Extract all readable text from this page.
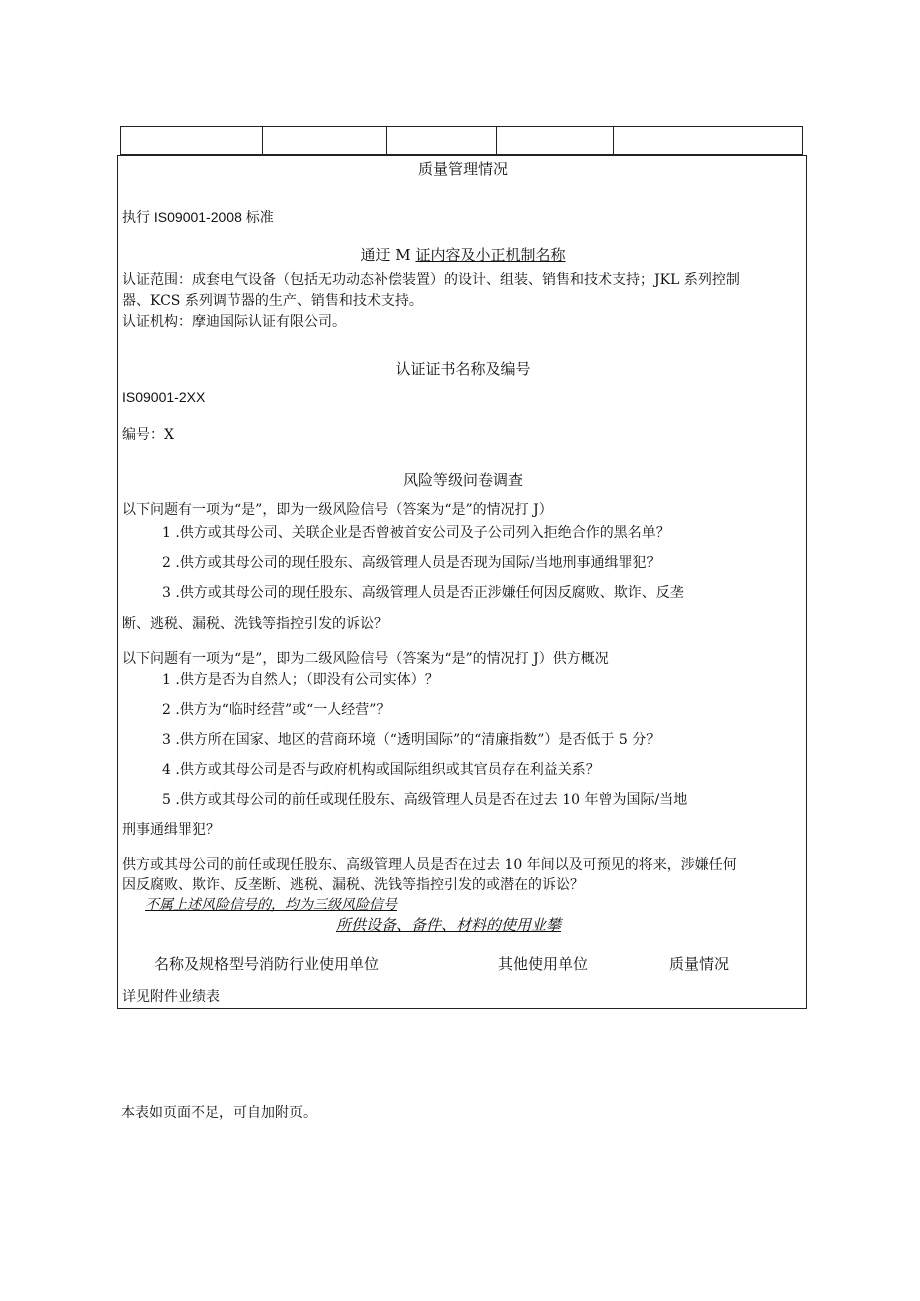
质量管理情况
执行 IS09001-2008 标准
通迂 M 证内容及小正机制名称
认证范围：成套电气设备（包括无功动态补偿装置）的设计、组装、销售和技术支持；JKL 系列控制
器、KCS 系列调节器的生产、销售和技术支持。
认证机构：摩迪国际认证有限公司。
认证证书名称及编号
IS09001-2XX
编号：X
风险等级问卷调查
以下问题有一项为“是”，即为一级风险信号（答案为“是”的情况打 J）
1 .供方或其母公司、关联企业是否曾被首安公司及子公司列入拒绝合作的黑名单？
2 .供方或其母公司的现任股东、高级管理人员是否现为国际/当地刑事通缉罪犯？
3 .供方或其母公司的现任股东、高级管理人员是否正涉嫌任何因反腐败、欺诈、反垄
断、逃税、漏税、洗钱等指控引发的诉讼？
以下问题有一项为“是”，即为二级风险信号（答案为“是”的情况打 J）供方概况
1 .供方是否为自然人；（即没有公司实体）？
2 .供方为“临时经营”或“一人经营”？
3 .供方所在国家、地区的营商环境（“透明国际”的“清廉指数”）是否低于 5 分？
4 .供方或其母公司是否与政府机构或国际组织或其官员存在利益关系？
5 .供方或其母公司的前任或现任股东、高级管理人员是否在过去 10 年曾为国际/当地
刑事通缉罪犯？
供方或其母公司的前任或现任股东、高级管理人员是否在过去 10 年间以及可预见的将来，涉嫌任何
因反腐败、欺诈、反垄断、逃税、漏税、洗钱等指控引发的或潜在的诉讼？
不属上述风险信号的，均为三级风险信号
所供设备、备件、材料的使用业攀
名称及规格型号消防行业使用单位	其他使用单位	质量情况
详见附件业绩表
本表如页面不足，可自加附页。
